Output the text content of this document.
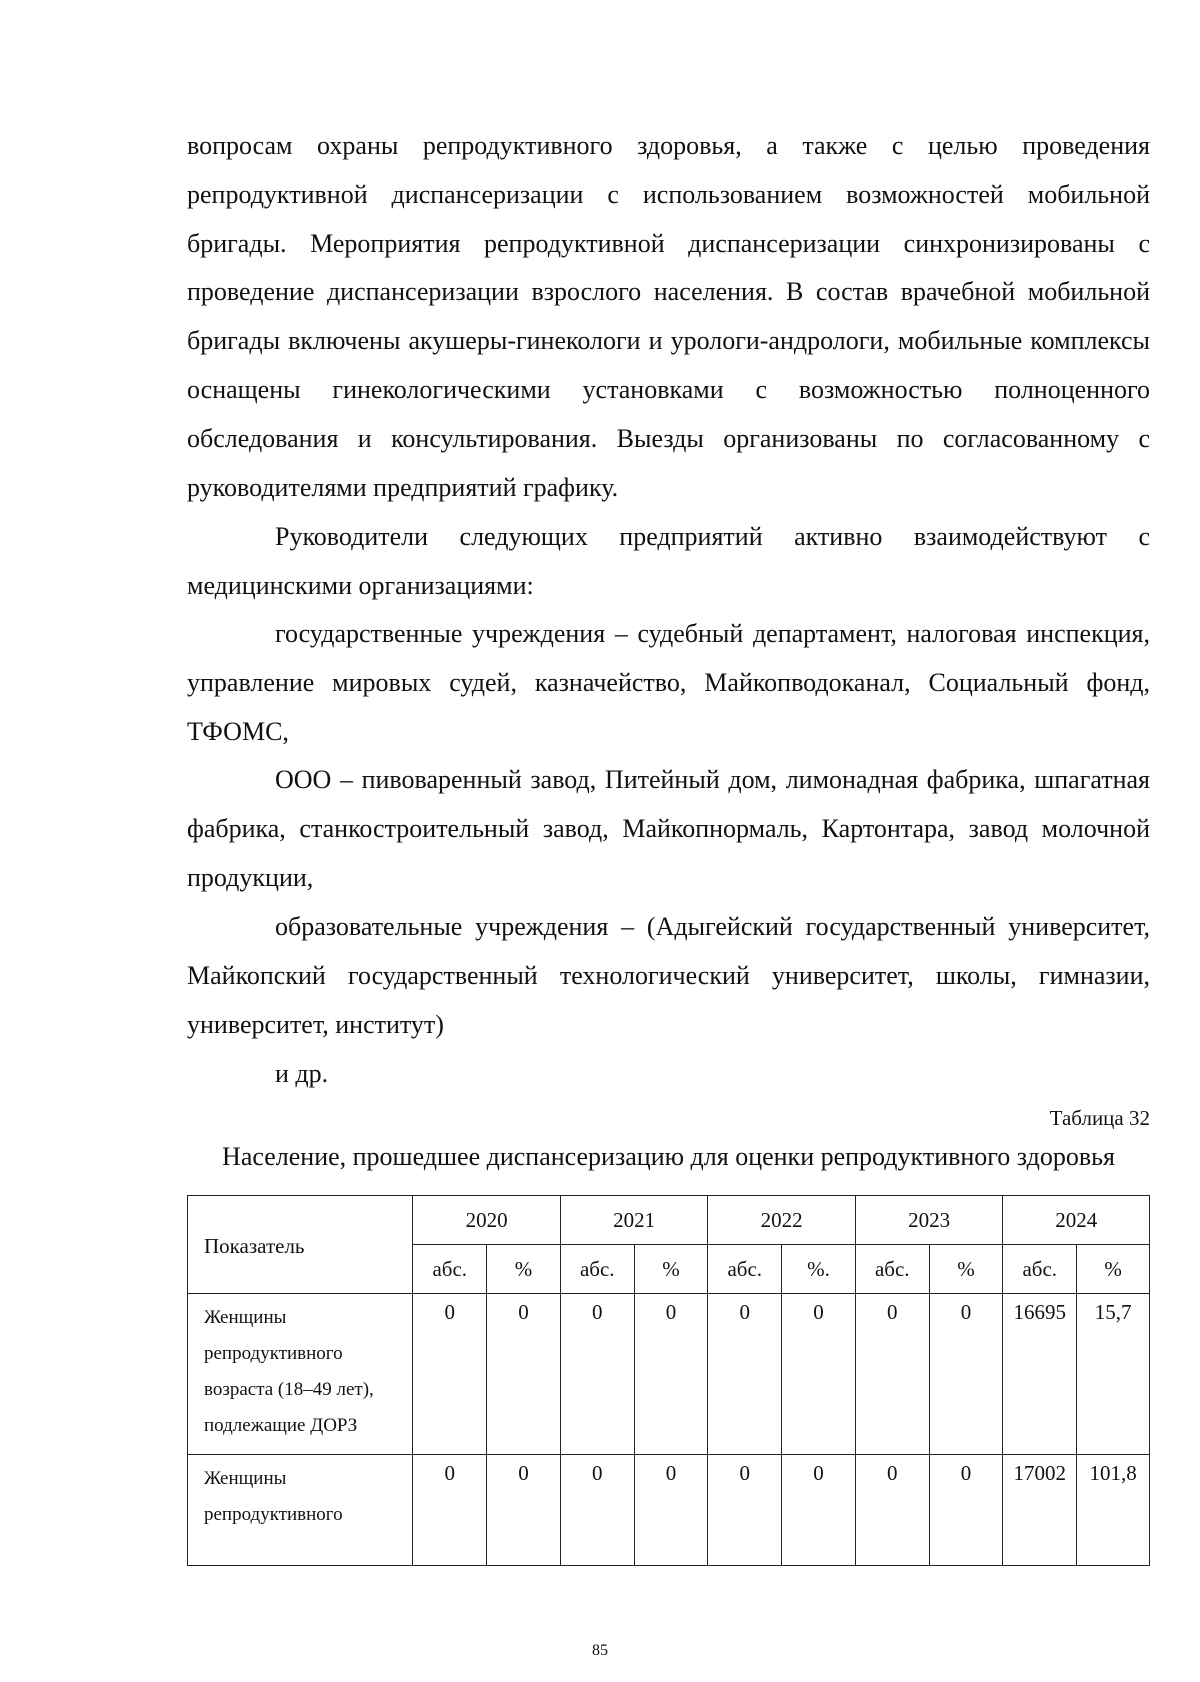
вопросам охраны репродуктивного здоровья, а также с целью проведения репродуктивной диспансеризации с использованием возможностей мобильной бригады. Мероприятия репродуктивной диспансеризации синхронизированы с проведение диспансеризации взрослого населения. В состав врачебной мобильной бригады включены акушеры-гинекологи и урологи-андрологи, мобильные комплексы оснащены гинекологическими установками с возможностью полноценного обследования и консультирования. Выезды организованы по согласованному с руководителями предприятий графику.

Руководители следующих предприятий активно взаимодействуют с медицинскими организациями:

государственные учреждения – судебный департамент, налоговая инспекция, управление мировых судей, казначейство, Майкопводоканал, Социальный фонд, ТФОМС,

ООО – пивоваренный завод, Питейный дом, лимонадная фабрика, шпагатная фабрика, станкостроительный завод, Майкопнормаль, Картонтара, завод молочной продукции,

образовательные учреждения – (Адыгейский государственный университет, Майкопский государственный технологический университет, школы, гимназии, университет, институт)

и др.

Таблица 32

Население, прошедшее диспансеризацию для оценки репродуктивного здоровья

Показатель	2020		2021		2022		2023		2024	
	абс.	%	абс.	%	абс.	%.	абс.	%	абс.	%
Женщины репродуктивного возраста (18–49 лет), подлежащие ДОРЗ	0	0	0	0	0	0	0	0	16695	15,7
Женщины репродуктивного	0	0	0	0	0	0	0	0	17002	101,8

85
